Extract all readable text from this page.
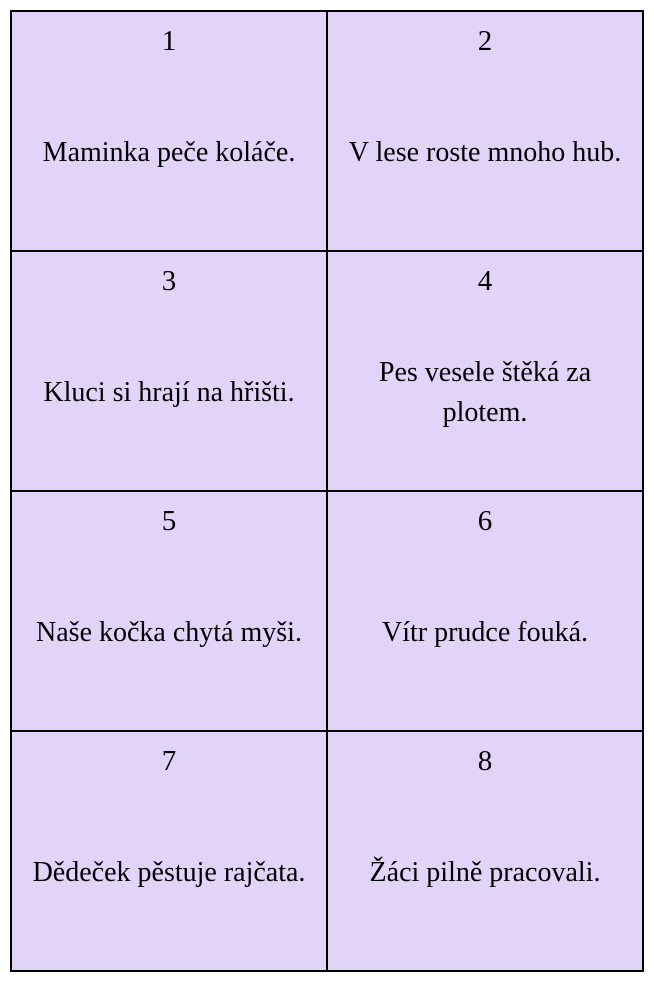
1
Maminka peče koláče.
2
V lese roste mnoho hub.
3
Kluci si hrají na hřišti.
4
Pes vesele štěká za plotem.
5
Naše kočka chytá myši.
6
Vítr prudce fouká.
7
Dědeček pěstuje rajčata.
8
Žáci pilně pracovali.
